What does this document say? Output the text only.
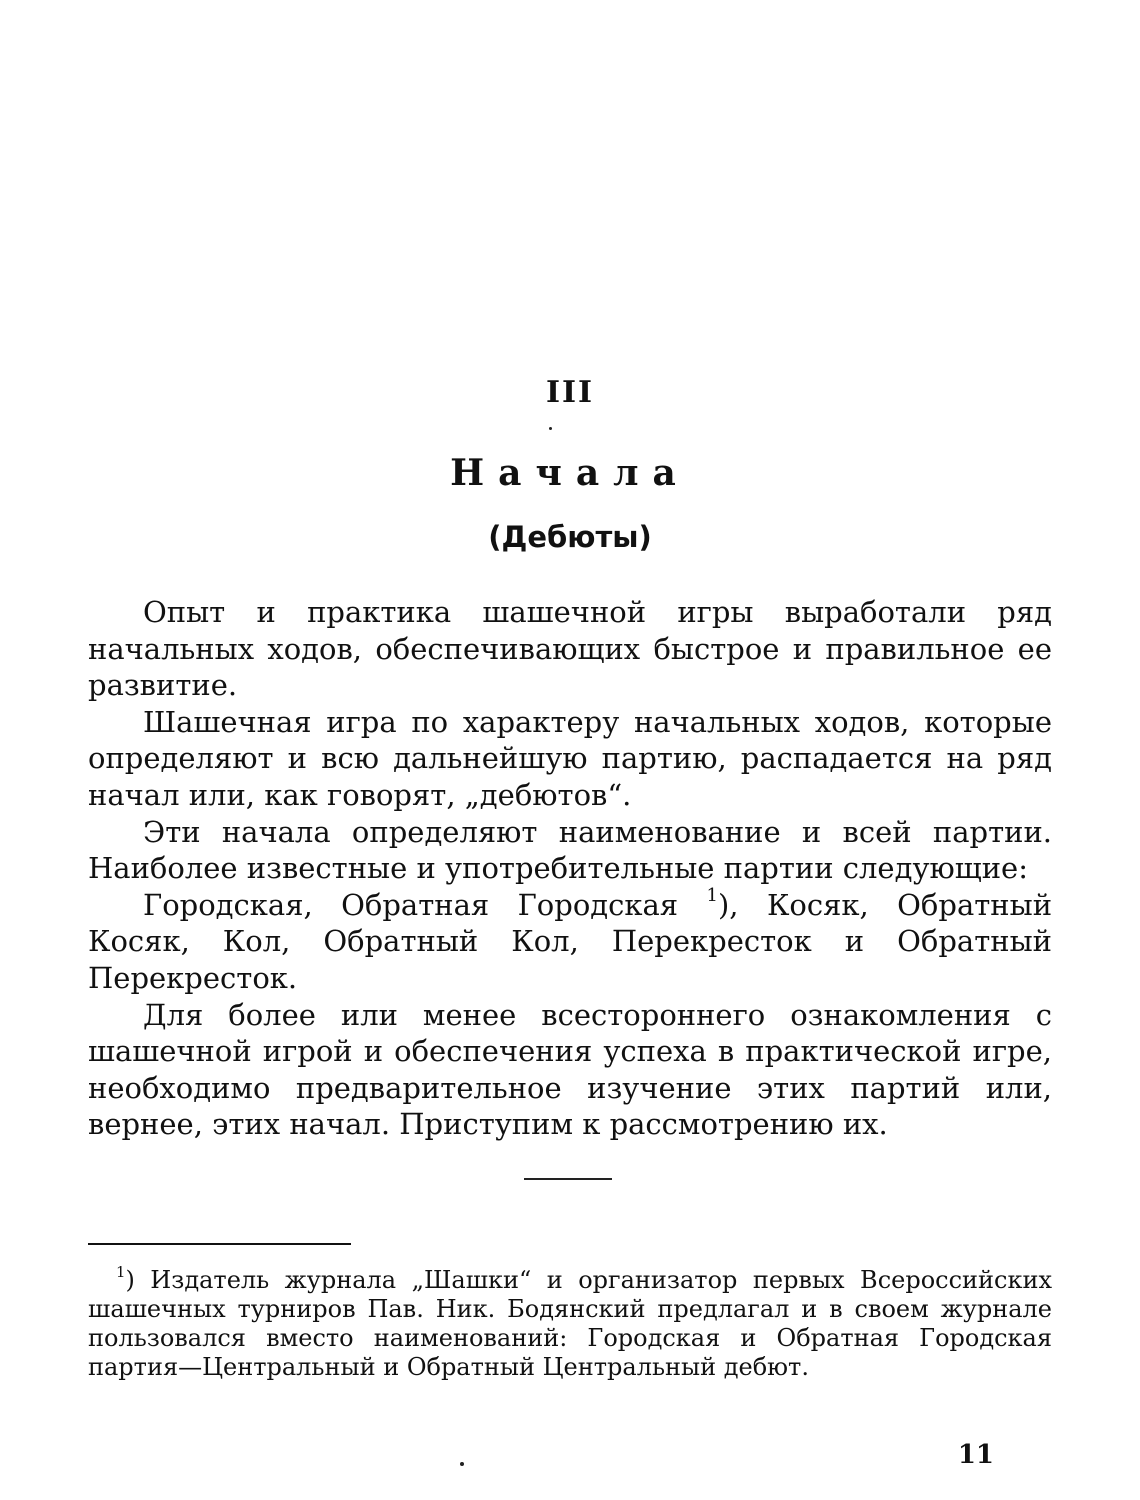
III
Начала
(Дебюты)

Опыт и практика шашечной игры выработали ряд начальных ходов, обеспечивающих быстрое и правильное ее развитие.

Шашечная игра по характеру начальных ходов, которые определяют и всю дальнейшую партию, распадается на ряд начал или, как говорят, „дебютов“.

Эти начала определяют наименование и всей партии. Наиболее известные и употребительные партии следующие:

Городская, Обратная Городская $^1$), Косяк, Обратный Косяк, Кол, Обратный Кол, Перекресток и Обратный Перекресток.

Для более или менее всестороннего ознакомления с шашечной игрой и обеспечения успеха в практической игре, необходимо предварительное изучение этих партий или, вернее, этих начал. Приступим к рассмотрению их.

$^1$) Издатель журнала „Шашки“ и организатор первых Всероссийских шашечных турниров Пав. Ник. Бодянский предлагал и в своем журнале пользовался вместо наименований: Городская и Обратная Городская партия—Центральный и Обратный Центральный дебют.

11
